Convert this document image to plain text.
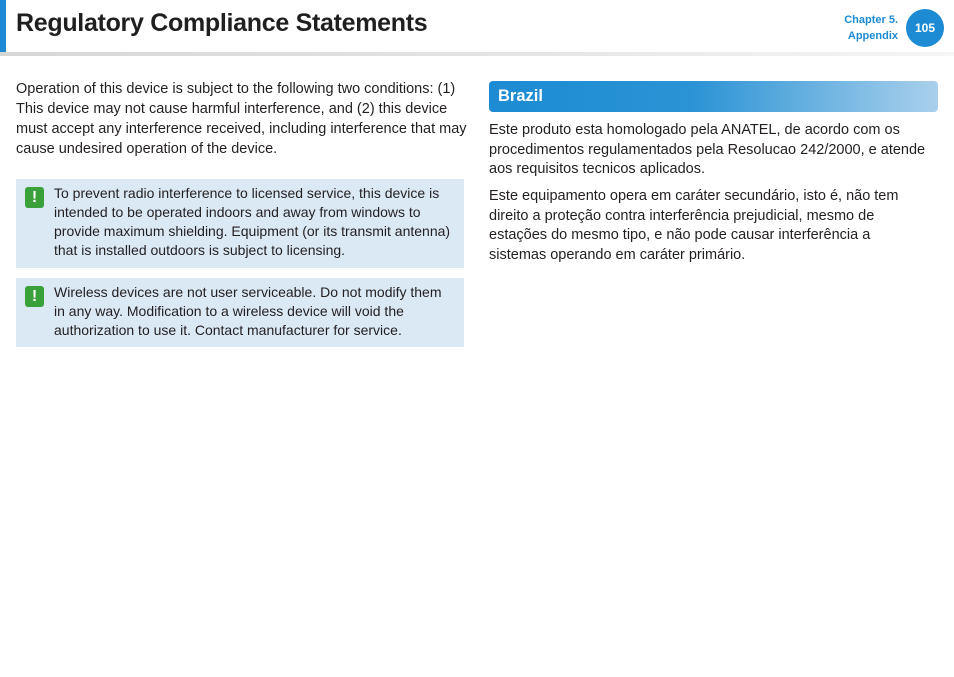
Regulatory Compliance Statements	Chapter 5.
Appendix
105

Operation of this device is subject to the following two conditions: (1) This device may not cause harmful interference, and (2) this device must accept any interference received, including interference that may cause undesired operation of the device.

!	To prevent radio interference to licensed service, this device is intended to be operated indoors and away from windows to provide maximum shielding. Equipment (or its transmit antenna) that is installed outdoors is subject to licensing.
!	Wireless devices are not user serviceable. Do not modify them in any way. Modification to a wireless device will void the authorization to use it. Contact manufacturer for service.
Brazil

Este produto esta homologado pela ANATEL, de acordo com os procedimentos regulamentados pela Resolucao 242/2000, e atende aos requisitos tecnicos aplicados.

Este equipamento opera em caráter secundário, isto é, não tem direito a proteção contra interferência prejudicial, mesmo de estações do mesmo tipo, e não pode causar interferência a sistemas operando em caráter primário.
